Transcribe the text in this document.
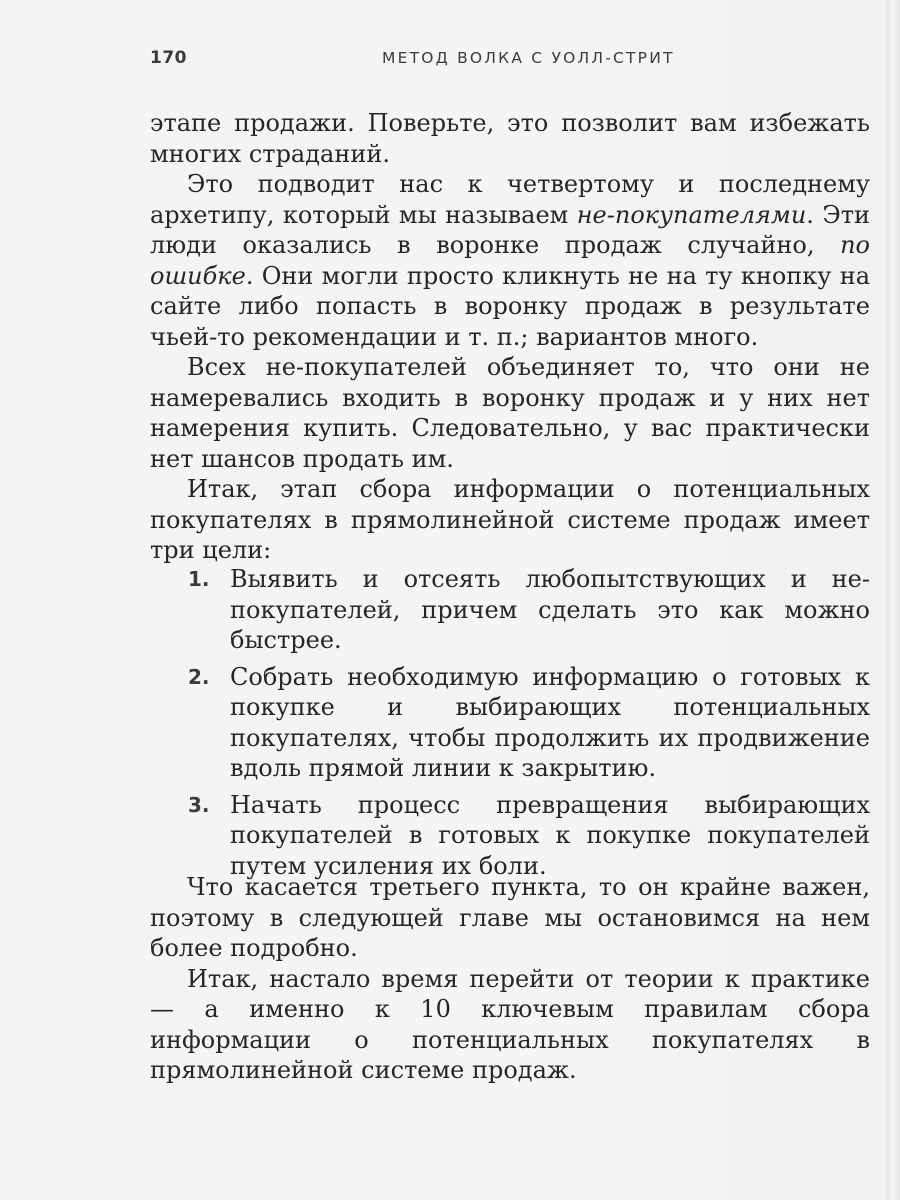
170	МЕТОД ВОЛКА С УОЛЛ-СТРИТ

этапе продажи. Поверьте, это позволит вам избежать многих страданий.

Это подводит нас к четвертому и последнему архетипу, который мы называем не-покупателями. Эти люди оказались в воронке продаж случайно, по ошибке. Они могли просто кликнуть не на ту кнопку на сайте либо попасть в воронку продаж в результате чьей-то рекомендации и т. п.; вариантов много.

Всех не-покупателей объединяет то, что они не намеревались входить в воронку продаж и у них нет намерения купить. Следовательно, у вас практически нет шансов продать им.

Итак, этап сбора информации о потенциальных покупателях в прямолинейной системе продаж имеет три цели:

1. Выявить и отсеять любопытствующих и не-покупателей, причем сделать это как можно быстрее.
2. Собрать необходимую информацию о готовых к покупке и выбирающих потенциальных покупателях, чтобы продолжить их продвижение вдоль прямой линии к закрытию.
3. Начать процесс превращения выбирающих покупателей в готовых к покупке покупателей путем усиления их боли.

Что касается третьего пункта, то он крайне важен, поэтому в следующей главе мы остановимся на нем более подробно.

Итак, настало время перейти от теории к практике — а именно к 10 ключевым правилам сбора информации о потенциальных покупателях в прямолинейной системе продаж.
